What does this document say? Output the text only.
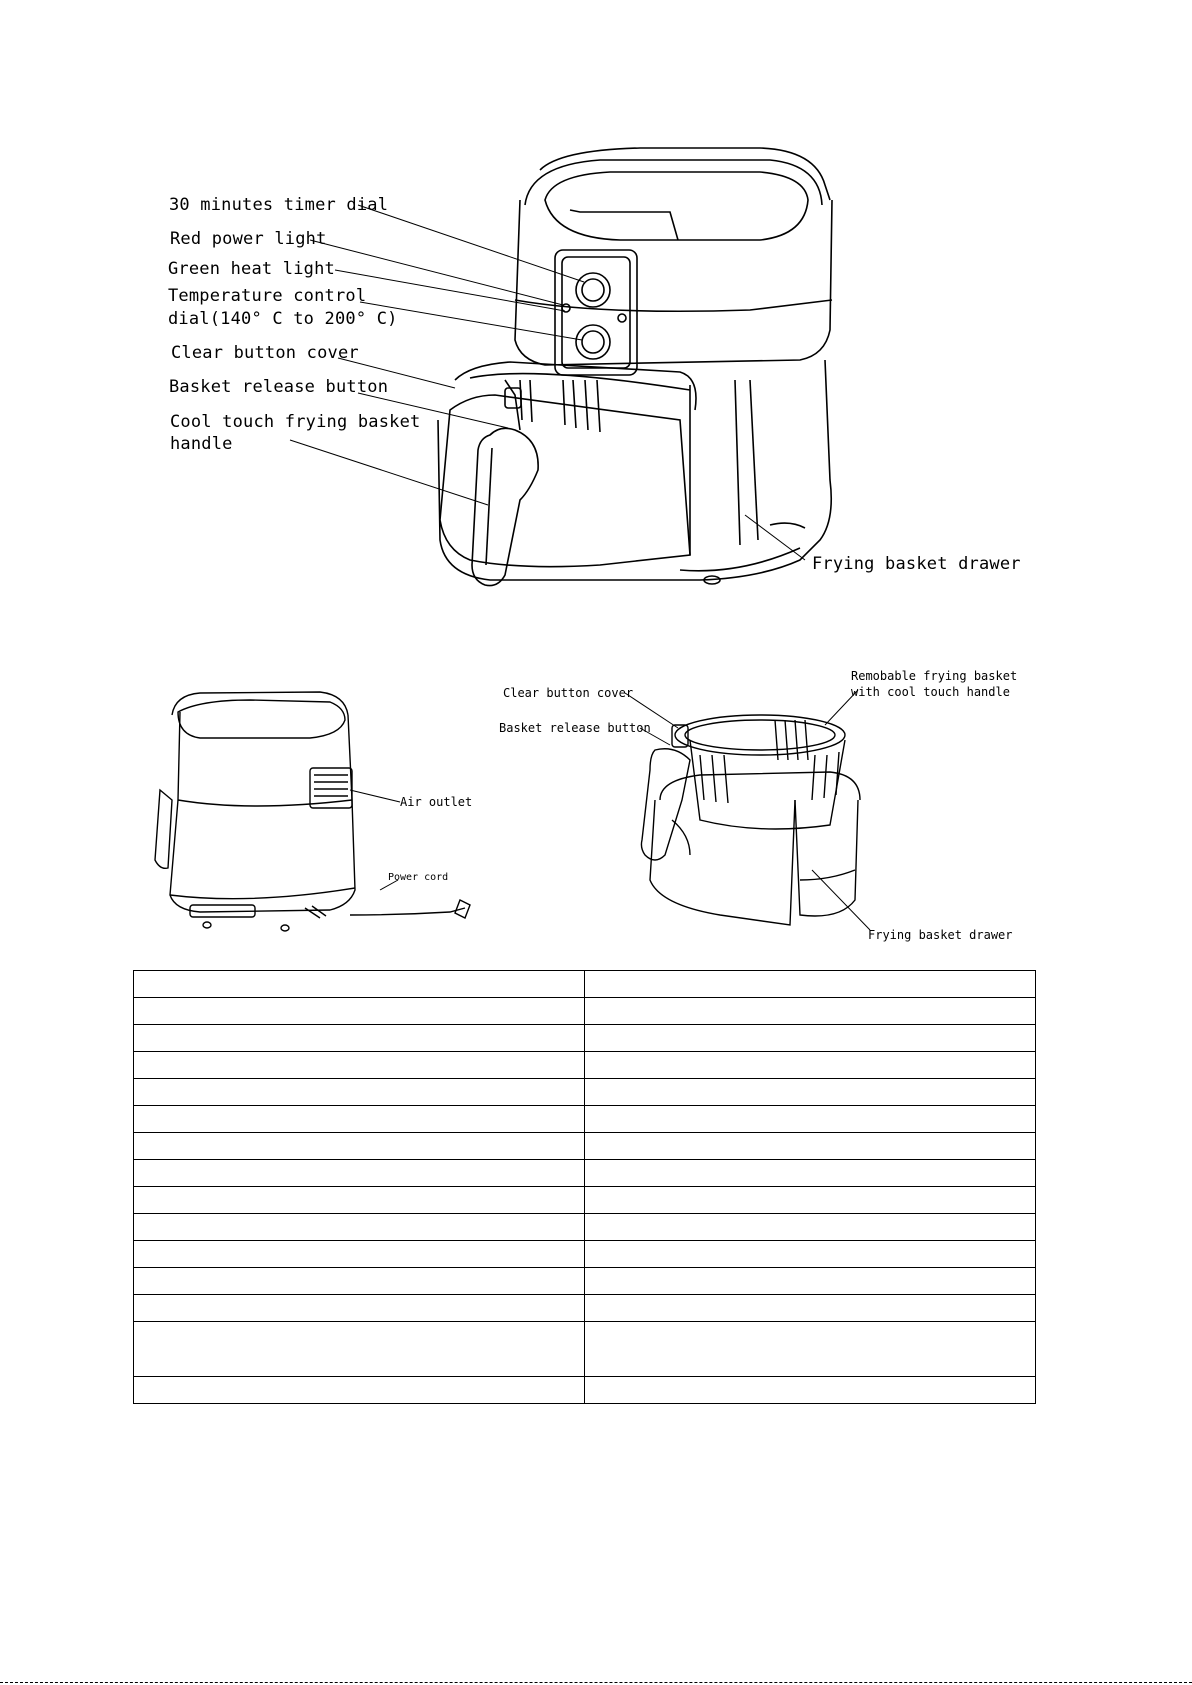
30 minutes timer dial
Red power light
Green heat light
Temperature control
dial(140° C to 200° C)
Clear button cover
Basket release button
Cool touch frying basket
handle
Frying basket drawer
Air outlet
Power cord
Clear button cover
Basket release button
Remobable frying basket
with cool touch handle
Frying basket drawer
